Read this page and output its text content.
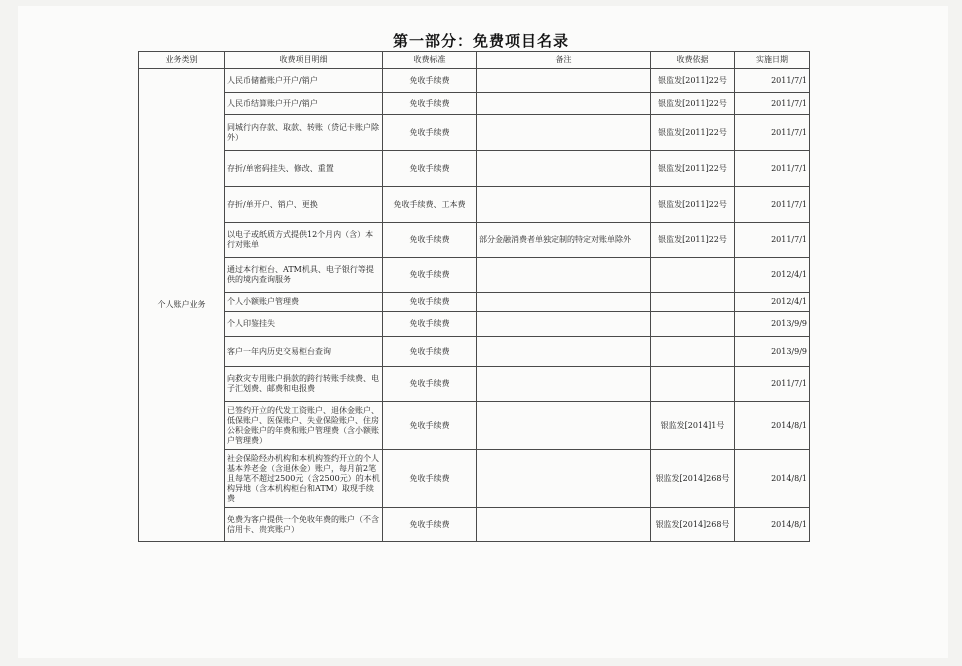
第一部分：免费项目名录
业务类别	收费项目明细	收费标准	备注	收费依据	实施日期
个人账户业务	人民币储蓄账户开户/销户	免收手续费		银监发[2011]22号	2011/7/1
	人民币结算账户开户/销户	免收手续费		银监发[2011]22号	2011/7/1
	同城行内存款、取款、转账（贷记卡账户除外）	免收手续费		银监发[2011]22号	2011/7/1
	存折/单密码挂失、修改、重置	免收手续费		银监发[2011]22号	2011/7/1
	存折/单开户、销户、更换	免收手续费、工本费		银监发[2011]22号	2011/7/1
	以电子或纸质方式提供12个月内（含）本行对账单	免收手续费	部分金融消费者单独定制的特定对账单除外	银监发[2011]22号	2011/7/1
	通过本行柜台、ATM机具、电子银行等提供的境内查询服务	免收手续费			2012/4/1
	个人小额账户管理费	免收手续费			2012/4/1
	个人印鉴挂失	免收手续费			2013/9/9
	客户一年内历史交易柜台查询	免收手续费			2013/9/9
	向救灾专用账户捐款的跨行转账手续费、电子汇划费、邮费和电报费	免收手续费			2011/7/1
	已签约开立的代发工资账户、退休金账户、低保账户、医保账户、失业保险账户、住房公积金账户的年费和账户管理费（含小额账户管理费）	免收手续费		银监发[2014]1号	2014/8/1
	社会保险经办机构和本机构签约开立的个人基本养老金（含退休金）账户，每月前2笔且每笔不超过2500元（含2500元）的本机构异地（含本机构柜台和ATM）取现手续费	免收手续费		银监发[2014]268号	2014/8/1
	免费为客户提供一个免收年费的账户（不含信用卡、贵宾账户）	免收手续费		银监发[2014]268号	2014/8/1
